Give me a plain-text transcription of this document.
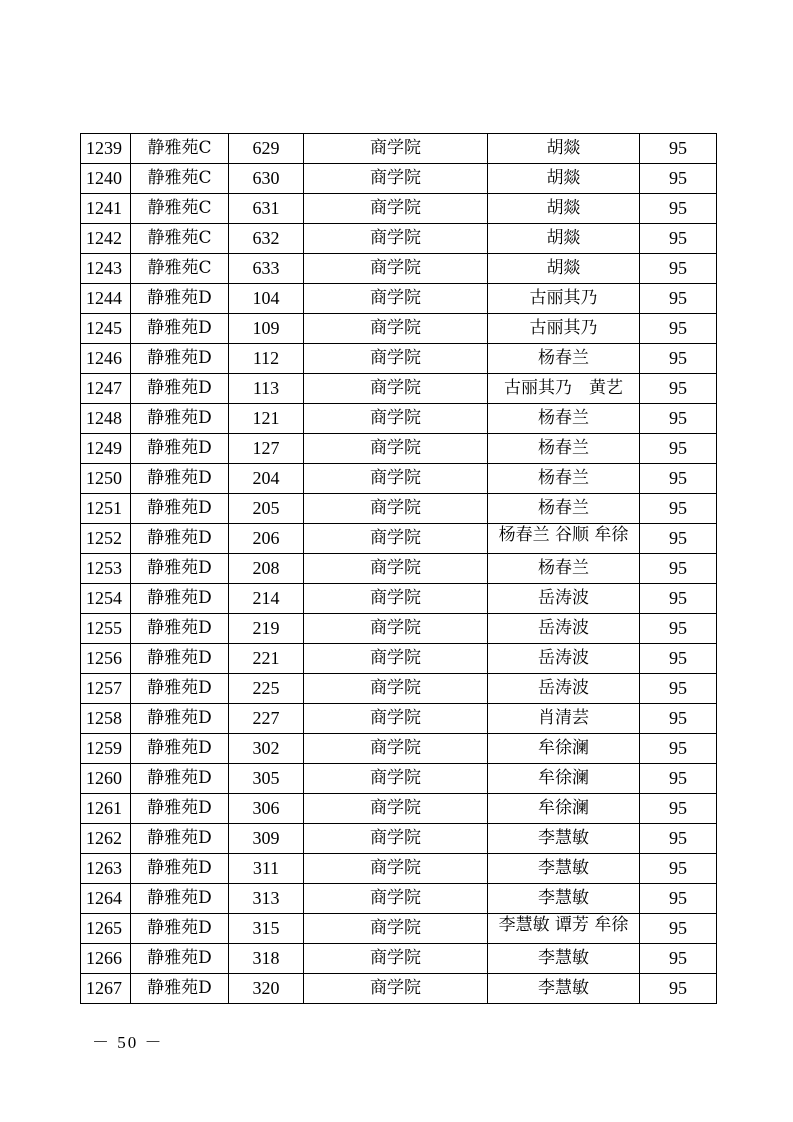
1239	静雅苑C	629	商学院	胡燚	95
1240	静雅苑C	630	商学院	胡燚	95
1241	静雅苑C	631	商学院	胡燚	95
1242	静雅苑C	632	商学院	胡燚	95
1243	静雅苑C	633	商学院	胡燚	95
1244	静雅苑D	104	商学院	古丽其乃	95
1245	静雅苑D	109	商学院	古丽其乃	95
1246	静雅苑D	112	商学院	杨春兰	95
1247	静雅苑D	113	商学院	古丽其乃　黄艺	95
1248	静雅苑D	121	商学院	杨春兰	95
1249	静雅苑D	127	商学院	杨春兰	95
1250	静雅苑D	204	商学院	杨春兰	95
1251	静雅苑D	205	商学院	杨春兰	95
1252	静雅苑D	206	商学院	杨春兰 谷顺 牟徐	95
1253	静雅苑D	208	商学院	杨春兰	95
1254	静雅苑D	214	商学院	岳涛波	95
1255	静雅苑D	219	商学院	岳涛波	95
1256	静雅苑D	221	商学院	岳涛波	95
1257	静雅苑D	225	商学院	岳涛波	95
1258	静雅苑D	227	商学院	肖清芸	95
1259	静雅苑D	302	商学院	牟徐澜	95
1260	静雅苑D	305	商学院	牟徐澜	95
1261	静雅苑D	306	商学院	牟徐澜	95
1262	静雅苑D	309	商学院	李慧敏	95
1263	静雅苑D	311	商学院	李慧敏	95
1264	静雅苑D	313	商学院	李慧敏	95
1265	静雅苑D	315	商学院	李慧敏 谭芳 牟徐	95
1266	静雅苑D	318	商学院	李慧敏	95
1267	静雅苑D	320	商学院	李慧敏	95
－ 50 －
